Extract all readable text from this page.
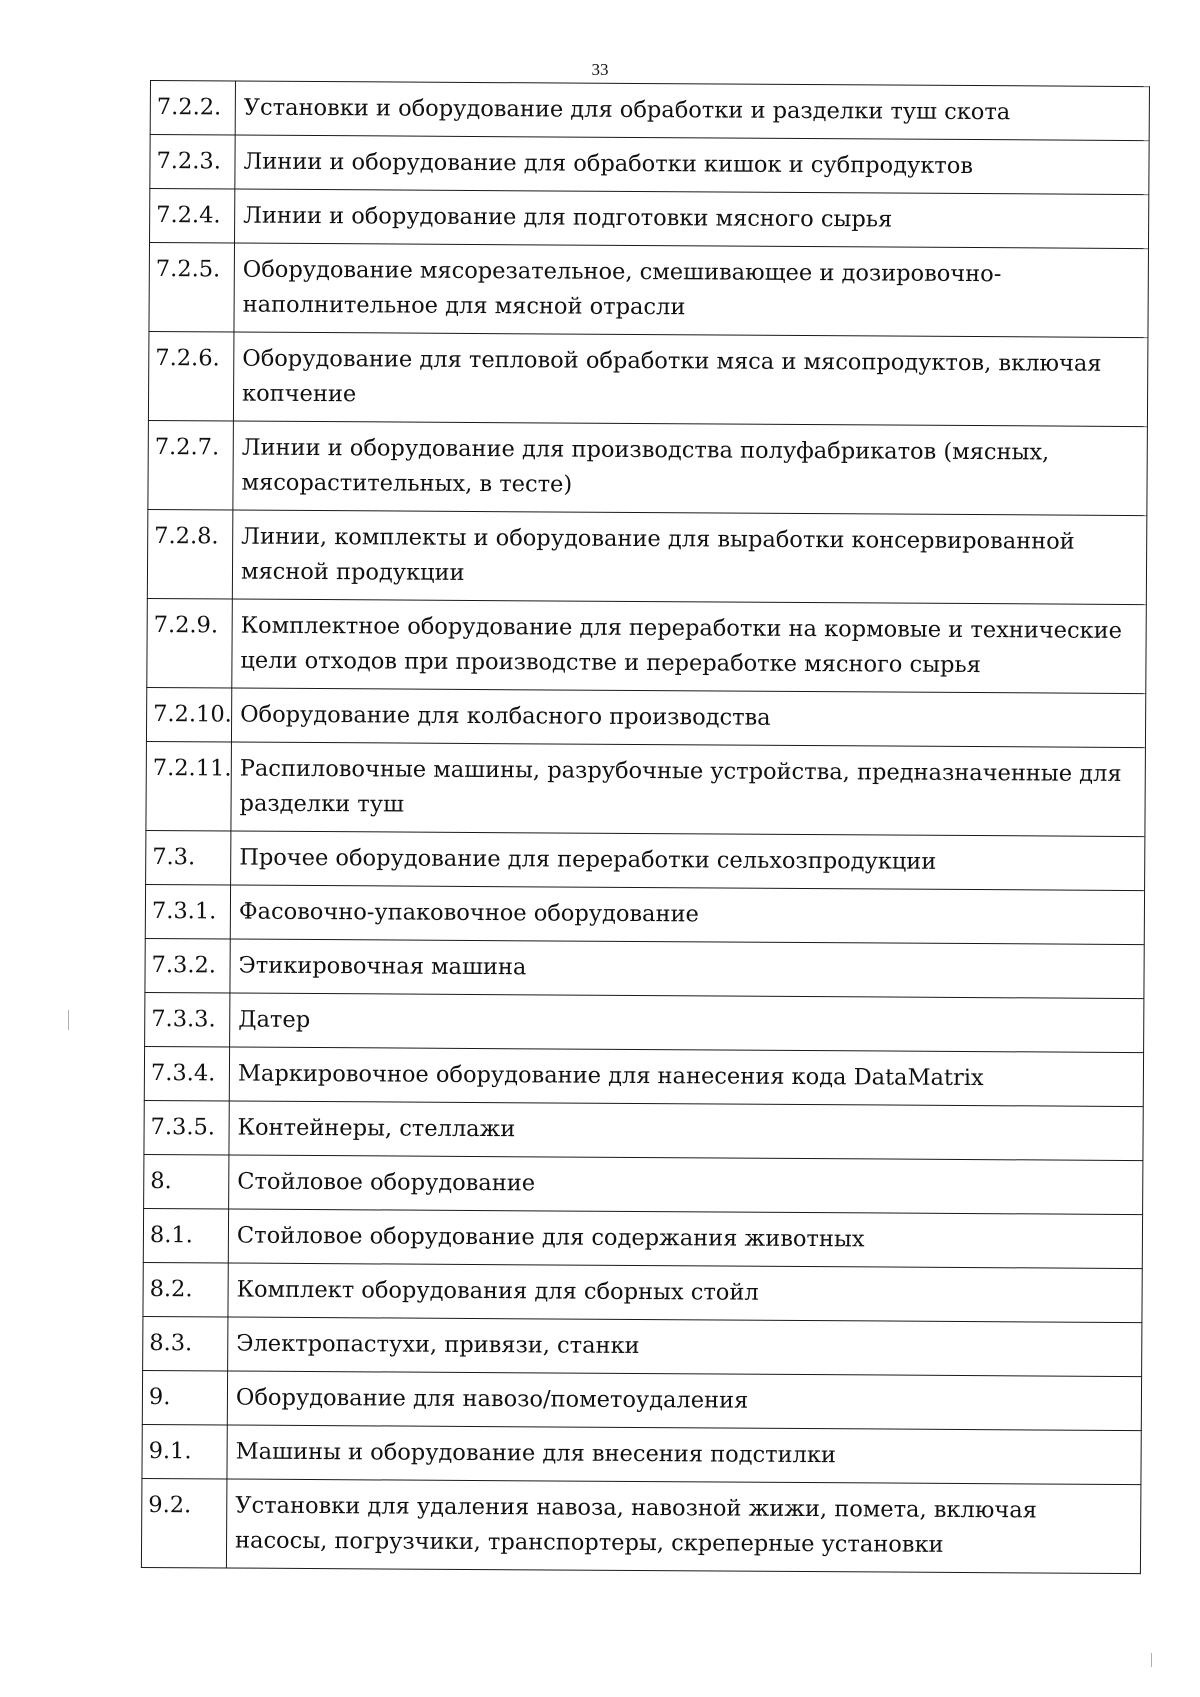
33
7.2.2.	Установки и оборудование для обработки и разделки туш скота
7.2.3.	Линии и оборудование для обработки кишок и субпродуктов
7.2.4.	Линии и оборудование для подготовки мясного сырья
7.2.5.	Оборудование мясорезательное, смешивающее и дозировочно-наполнительное для мясной отрасли
7.2.6.	Оборудование для тепловой обработки мяса и мясопродуктов, включая копчение
7.2.7.	Линии и оборудование для производства полуфабрикатов (мясных, мясорастительных, в тесте)
7.2.8.	Линии, комплекты и оборудование для выработки консервированной мясной продукции
7.2.9.	Комплектное оборудование для переработки на кормовые и технические цели отходов при производстве и переработке мясного сырья
7.2.10.	Оборудование для колбасного производства
7.2.11.	Распиловочные машины, разрубочные устройства, предназначенные для разделки туш
7.3.	Прочее оборудование для переработки сельхозпродукции
7.3.1.	Фасовочно-упаковочное оборудование
7.3.2.	Этикировочная машина
7.3.3.	Датер
7.3.4.	Маркировочное оборудование для нанесения кода DataMatrix
7.3.5.	Контейнеры, стеллажи
8.	Стойловое оборудование
8.1.	Стойловое оборудование для содержания животных
8.2.	Комплект оборудования для сборных стойл
8.3.	Электропастухи, привязи, станки
9.	Оборудование для навозо/пометоудаления
9.1.	Машины и оборудование для внесения подстилки
9.2.	Установки для удаления навоза, навозной жижи, помета, включая насосы, погрузчики, транспортеры, скреперные установки
